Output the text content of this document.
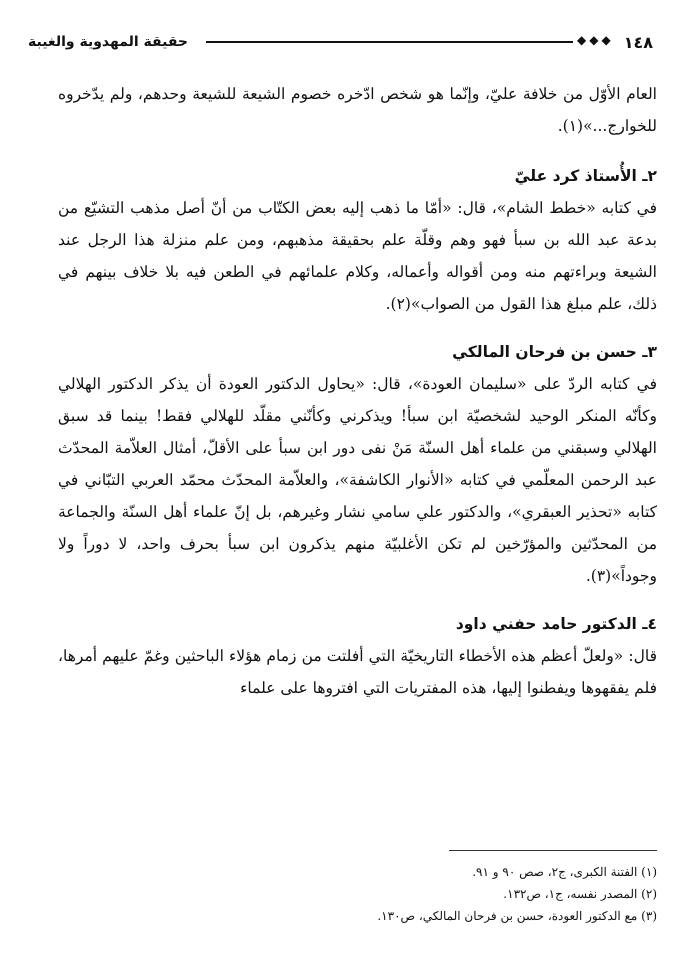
١٤٨
◆◆◆
حقيقة المهدوية والغيبة

العام الأوّل من خلافة عليّ، وإنّما هو شخص ادّخره خصوم الشيعة للشيعة وحدهم، ولم يدّخروه للخوارج...»(١).

٢ـ الأُستاذ كرد عليّ

في كتابه «خطط الشام»، قال: «أمّا ما ذهب إليه بعض الكتّاب من أنّ أصل مذهب التشيّع من بدعة عبد الله بن سبأ فهو وهم وقلّة علم بحقيقة مذهبهم، ومن علم منزلة هذا الرجل عند الشيعة وبراءتهم منه ومن أقواله وأعماله، وكلام علمائهم في الطعن فيه بلا خلاف بينهم في ذلك، علم مبلغ هذا القول من الصواب»(٢).

٣ـ حسن بن فرحان المالكي

في كتابه الردّ على «سليمان العودة»، قال: «يحاول الدكتور العودة أن يذكر الدكتور الهلالي وكأنّه المنكر الوحيد لشخصيّة ابن سبأ! ويذكرني وكأنّني مقلّد للهلالي فقط! بينما قد سبق الهلالي وسبقني من علماء أهل السنّة مَنْ نفى دور ابن سبأ على الأقلّ، أمثال العلاّمة المحدّث عبد الرحمن المعلّمي في كتابه «الأنوار الكاشفة»، والعلاّمة المحدّث محمّد العربي التبّاني في كتابه «تحذير العبقري»، والدكتور علي سامي نشار وغيرهم، بل إنّ علماء أهل السنّة والجماعة من المحدّثين والمؤرّخين لم تكن الأغلبيّة منهم يذكرون ابن سبأ بحرف واحد، لا دوراً ولا وجوداً»(٣).

٤ـ الدكتور حامد حفني داود

قال: «ولعلّ أعظم هذه الأخطاء التاريخيّة التي أفلتت من زمام هؤلاء الباحثين وغمّ عليهم أمرها، فلم يفقهوها ويفطنوا إليها، هذه المفتريات التي افتروها على علماء

(١) الفتنة الكبرى، ج٢، صص ٩٠ و ٩١.
(٢) المصدر نفسه، ج١، ص١٣٢.
(٣) مع الدكتور العودة، حسن بن فرحان المالكي، ص١٣٠.
